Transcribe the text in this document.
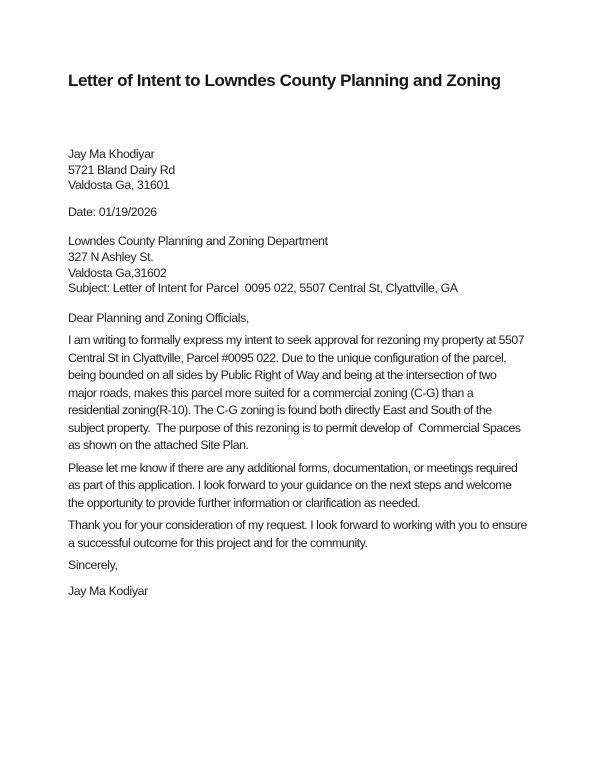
Letter of Intent to Lowndes County Planning and Zoning
Jay Ma Khodiyar
5721 Bland Dairy Rd
Valdosta Ga, 31601
Date: 01/19/2026
Lowndes County Planning and Zoning Department
327 N Ashley St.
Valdosta Ga,31602
Subject: Letter of Intent for Parcel  0095 022, 5507 Central St, Clyattville, GA
Dear Planning and Zoning Officials,
I am writing to formally express my intent to seek approval for rezoning my property at 5507
Central St in Clyattville, Parcel #0095 022. Due to the unique configuration of the parcel,
being bounded on all sides by Public Right of Way and being at the intersection of two
major roads, makes this parcel more suited for a commercial zoning (C-G) than a
residential zoning(R-10). The C-G zoning is found both directly East and South of the
subject property.  The purpose of this rezoning is to permit develop of  Commercial Spaces
as shown on the attached Site Plan.
Please let me know if there are any additional forms, documentation, or meetings required
as part of this application. I look forward to your guidance on the next steps and welcome
the opportunity to provide further information or clarification as needed.
Thank you for your consideration of my request. I look forward to working with you to ensure
a successful outcome for this project and for the community.
Sincerely,
Jay Ma Kodiyar
